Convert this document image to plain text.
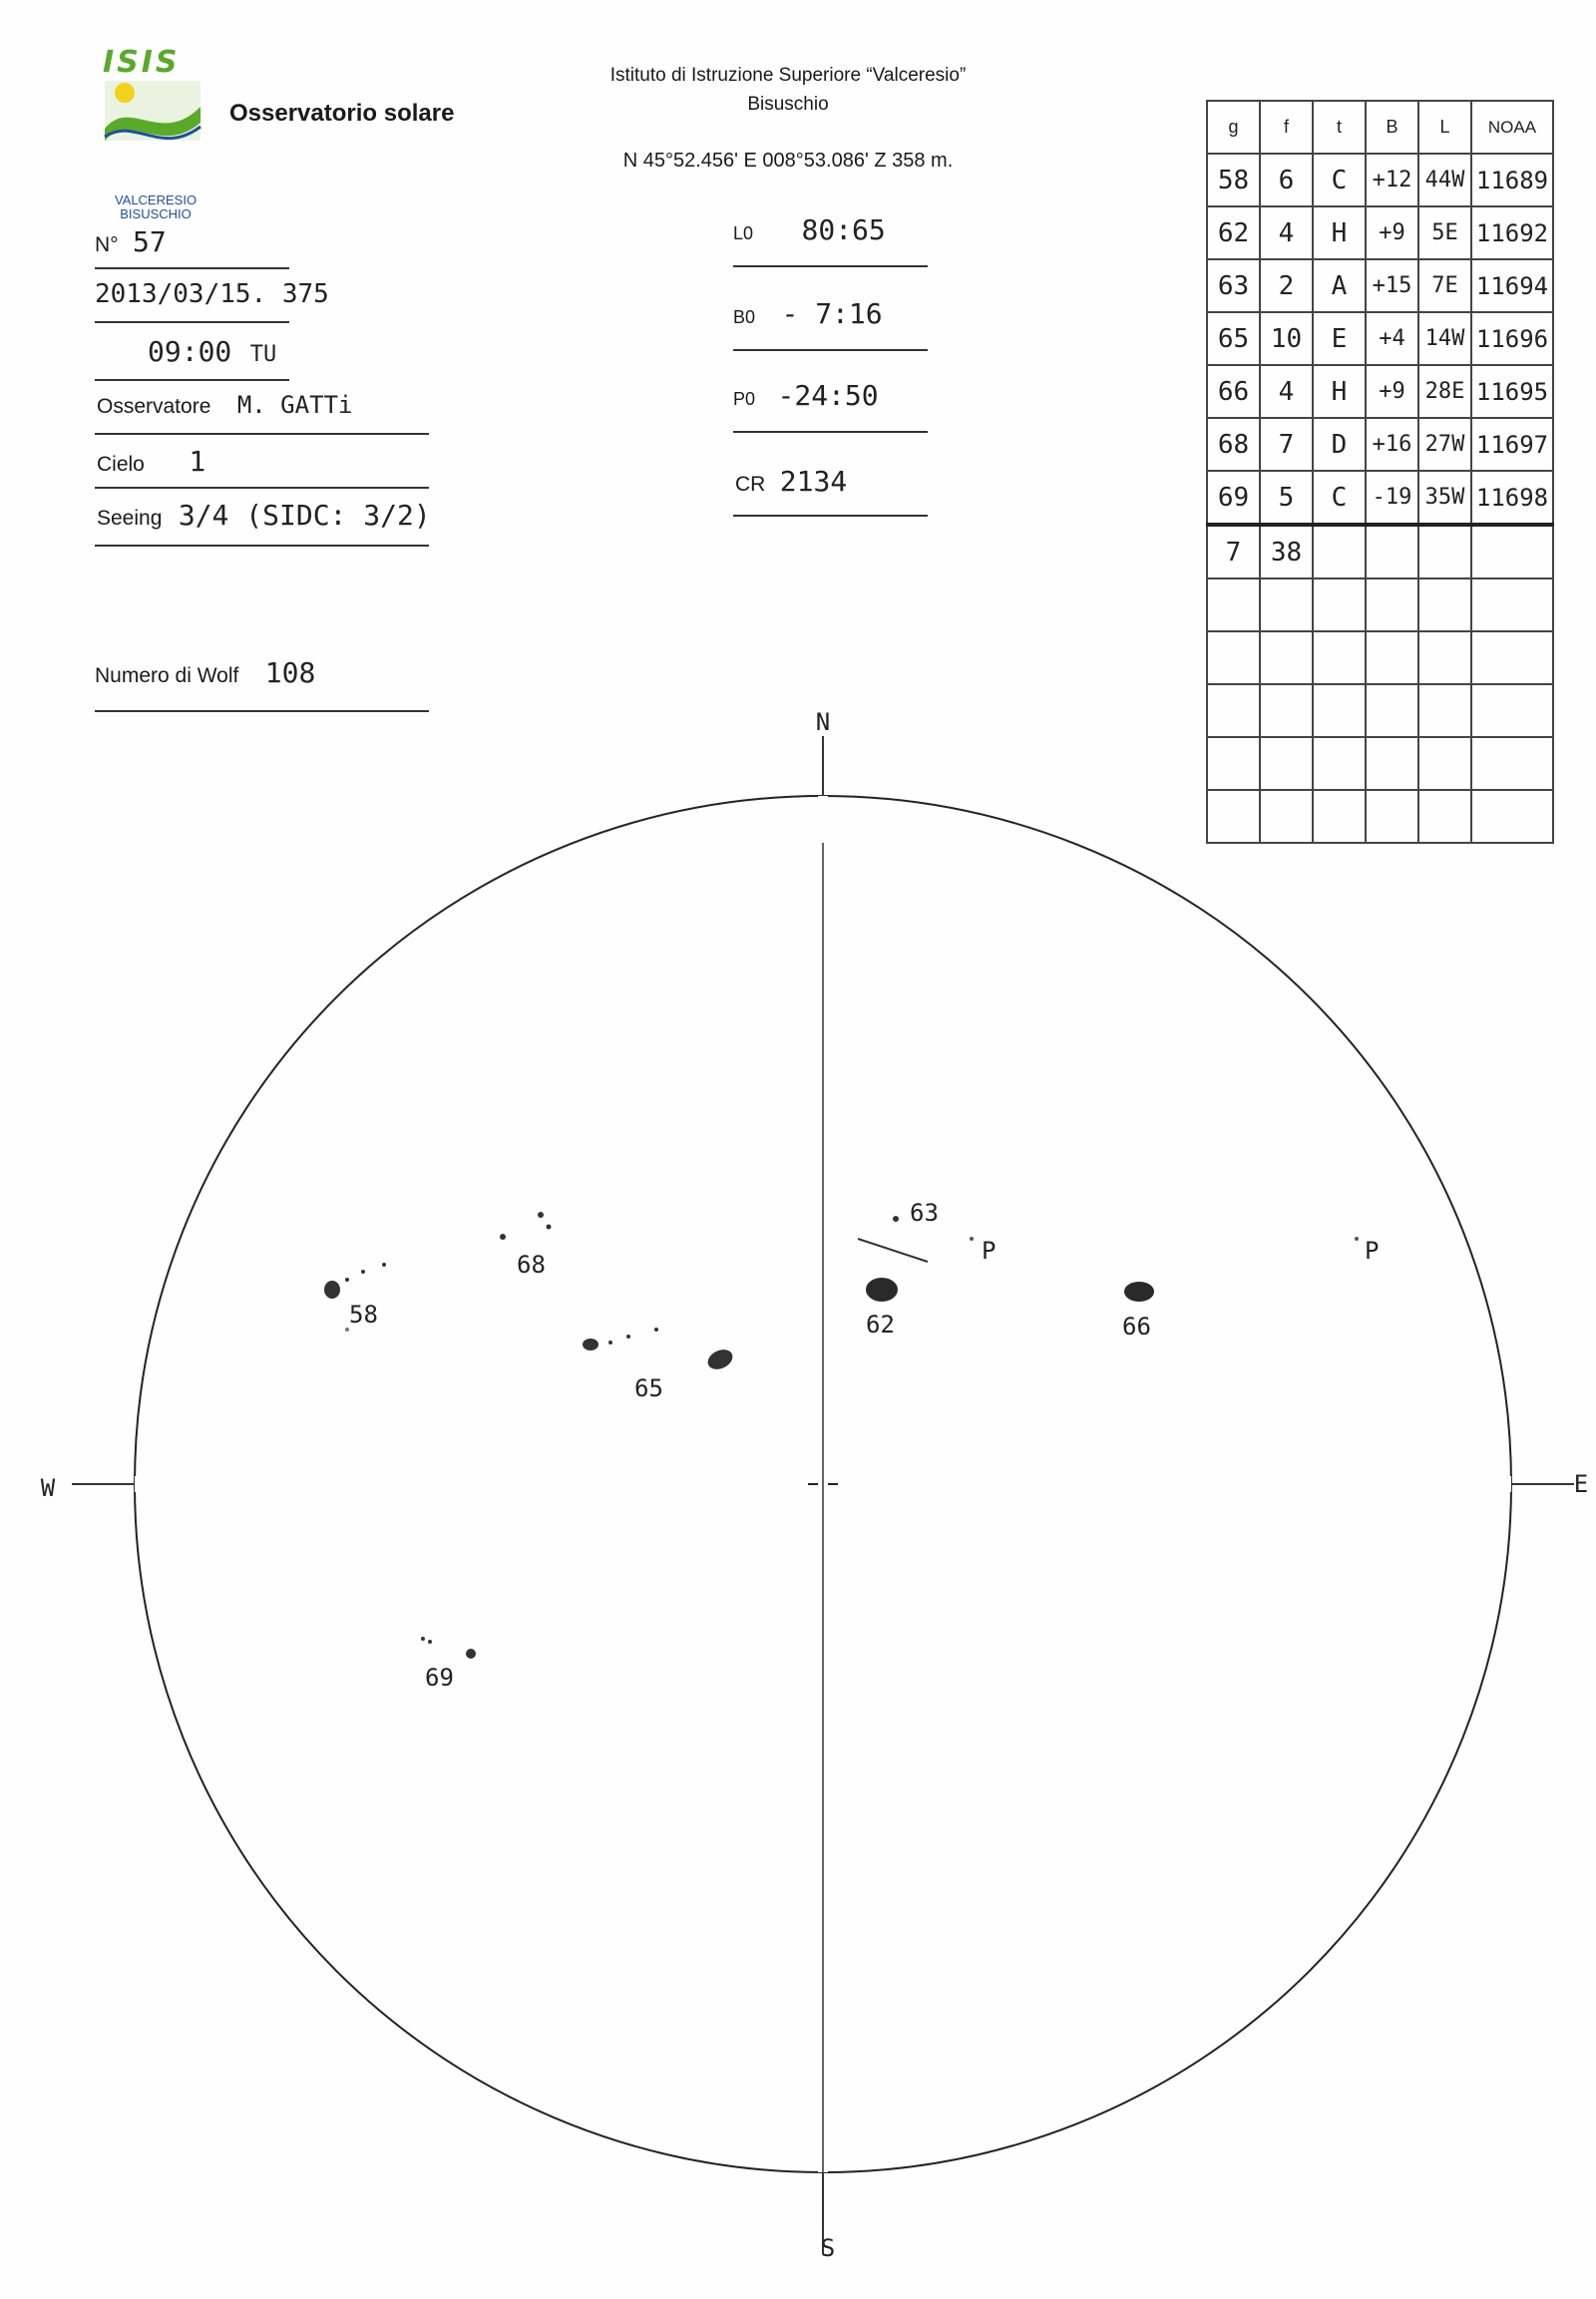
ISIS
VALCERESIO
BISUSCHIO
Osservatorio solare
Istituto di Istruzione Superiore “Valceresio”
Bisuschio
N 45°52.456' E 008°53.086' Z 358 m.
N° 57
2013/03/15. 375
09:00 TU
Osservatore M. GATTi
Cielo 1
Seeing 3/4 (SIDC: 3/2)
Numero di Wolf 108
L0 80:65
B0 - 7:16
P0 -24:50
CR 2134
g	f	t	B	L	NOAA
58	6	C	+12	44W	11689
62	4	H	+9	5E	11692
63	2	A	+15	7E	11694
65	10	E	+4	14W	11696
66	4	H	+9	28E	11695
68	7	D	+16	27W	11697
69	5	C	-19	35W	11698
7	38				

N
S
W	E
58
68
65
63
P
62	66
P
69
